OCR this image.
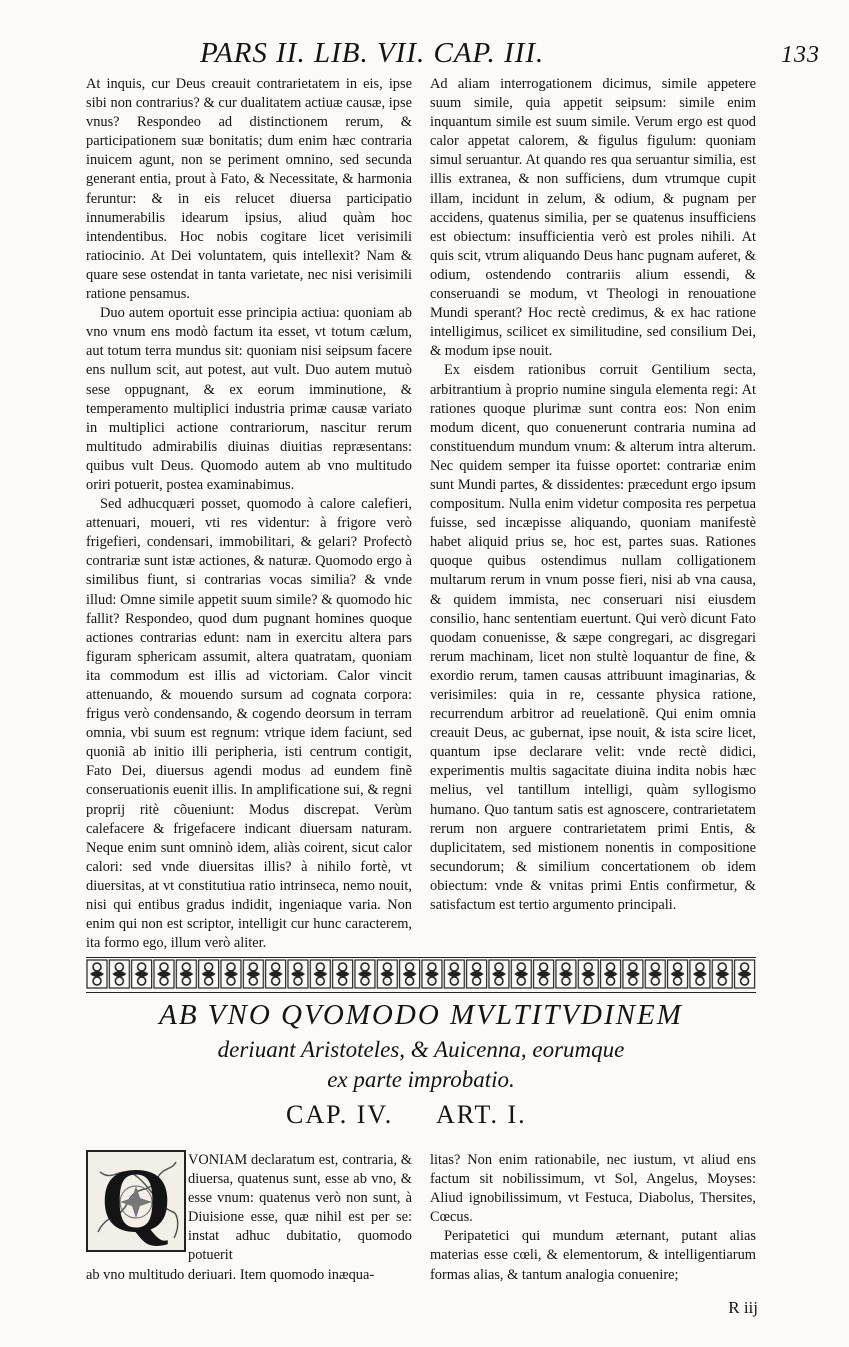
PARS II. LIB. VII. CAP. III.	133

At inquis, cur Deus creauit contrarietatem in eis, ipse sibi non contrarius? & cur dualitatem actiuæ causæ, ipse vnus? Respondeo ad distinctionem rerum, & participationem suæ bonitatis; dum enim hæc contraria inuicem agunt, non se periment omnino, sed secunda generant entia, prout à Fato, & Necessitate, & harmonia feruntur: & in eis relucet diuersa participatio innumerabilis idearum ipsius, aliud quàm hoc intendentibus. Hoc nobis cogitare licet verisimili ratiocinio. At Dei voluntatem, quis intellexit? Nam & quare sese ostendat in tanta varietate, nec nisi verisimili ratione pensamus.

Duo autem oportuit esse principia actiua: quoniam ab vno vnum ens modò factum ita esset, vt totum cælum, aut totum terra mundus sit: quoniam nisi seipsum facere ens nullum scit, aut potest, aut vult. Duo autem mutuò sese oppugnant, & ex eorum imminutione, & temperamento multiplici industria primæ causæ variato in multiplici actione contrariorum, nascitur rerum multitudo admirabilis diuinas diuitias repræsentans: quibus vult Deus. Quomodo autem ab vno multitudo oriri potuerit, postea examinabimus.

Sed adhucquæri posset, quomodo à calore calefieri, attenuari, moueri, vti res videntur: à frigore verò frigefieri, condensari, immobilitari, & gelari? Profectò contrariæ sunt istæ actiones, & naturæ. Quomodo ergo à similibus fiunt, si contrarias vocas similia? & vnde illud: Omne simile appetit suum simile? & quomodo hic fallit? Respondeo, quod dum pugnant homines quoque actiones contrarias edunt: nam in exercitu altera pars figuram sphericam assumit, altera quatratam, quoniam ita commodum est illis ad victoriam. Calor vincit attenuando, & mouendo sursum ad cognata corpora: frigus verò condensando, & cogendo deorsum in terram omnia, vbi suum est regnum: vtrique idem faciunt, sed quoniã ab initio illi peripheria, isti centrum contigit, Fato Dei, diuersus agendi modus ad eundem finẽ conseruationis euenit illis. In amplificatione sui, & regni proprij ritè cõueniunt: Modus discrepat. Verùm calefacere & frigefacere indicant diuersam naturam. Neque enim sunt omninò idem, aliàs coirent, sicut calor calori: sed vnde diuersitas illis? à nihilo fortè, vt diuersitas, at vt constitutiua ratio intrinseca, nemo nouit, nisi qui entibus gradus indidit, ingeniaque varia. Non enim qui non est scriptor, intelligit cur hunc caracterem, ita formo ego, illum verò aliter.

Ad aliam interrogationem dicimus, simile appetere suum simile, quia appetit seipsum: simile enim inquantum simile est suum simile. Verum ergo est quod calor appetat calorem, & figulus figulum: quoniam simul seruantur. At quando res qua seruantur similia, est illis extranea, & non sufficiens, dum vtrumque cupit illam, incidunt in zelum, & odium, & pugnam per accidens, quatenus similia, per se quatenus insufficiens est obiectum: insufficientia verò est proles nihili. At quis scit, vtrum aliquando Deus hanc pugnam auferet, & odium, ostendendo contrariis alium essendi, & conseruandi se modum, vt Theologi in renouatione Mundi sperant? Hoc rectè credimus, & ex hac ratione intelligimus, scilicet ex similitudine, sed consilium Dei, & modum ipse nouit.

Ex eisdem rationibus corruit Gentilium secta, arbitrantium à proprio numine singula elementa regi: At rationes quoque plurimæ sunt contra eos: Non enim modum dicent, quo conuenerunt contraria numina ad constituendum mundum vnum: & alterum intra alterum. Nec quidem semper ita fuisse oportet: contrariæ enim sunt Mundi partes, & dissidentes: præcedunt ergo ipsum compositum. Nulla enim videtur composita res perpetua fuisse, sed incæpisse aliquando, quoniam manifestè habet aliquid prius se, hoc est, partes suas. Rationes quoque quibus ostendimus nullam colligationem multarum rerum in vnum posse fieri, nisi ab vna causa, & quidem immista, nec conseruari nisi eiusdem consilio, hanc sententiam euertunt. Qui verò dicunt Fato quodam conuenisse, & sæpe congregari, ac disgregari rerum machinam, licet non stultè loquantur de fine, & exordio rerum, tamen causas attribuunt imaginarias, & verisimiles: quia in re, cessante physica ratione, recurrendum arbitror ad reuelationẽ. Qui enim omnia creauit Deus, ac gubernat, ipse nouit, & ista scire licet, quantum ipse declarare velit: vnde rectè didici, experimentis multis sagacitate diuina indita nobis hæc melius, vel tantillum intelligi, quàm syllogismo humano. Quo tantum satis est agnoscere, contrarietatem rerum non arguere contrarietatem primi Entis, & duplicitatem, sed mistionem nonentis in compositione secundorum; & similium concertationem ob idem obiectum: vnde & vnitas primi Entis confirmetur, & satisfactum est tertio argumento principali.

AB VNO QVOMODO MVLTITVDINEM
deriuant Aristoteles, & Auicenna, eorumque
ex parte improbatio.
CAP. IV. ART. I.
Q	VONIAM declaratum est, contraria, & diuersa, quatenus sunt, esse ab vno, & esse vnum: quatenus verò non sunt, à Diuisione esse, quæ nihil est per se: instat adhuc dubitatio, quomodo potuerit

ab vno multitudo deriuari. Item quomodo inæqua-

litas? Non enim rationabile, nec iustum, vt aliud ens factum sit nobilissimum, vt Sol, Angelus, Moyses: Aliud ignobilissimum, vt Festuca, Diabolus, Thersites, Cœcus.

Peripatetici qui mundum æternant, putant alias materias esse cœli, & elementorum, & intelligentiarum formas alias, & tantum analogia conuenire;

R iij
